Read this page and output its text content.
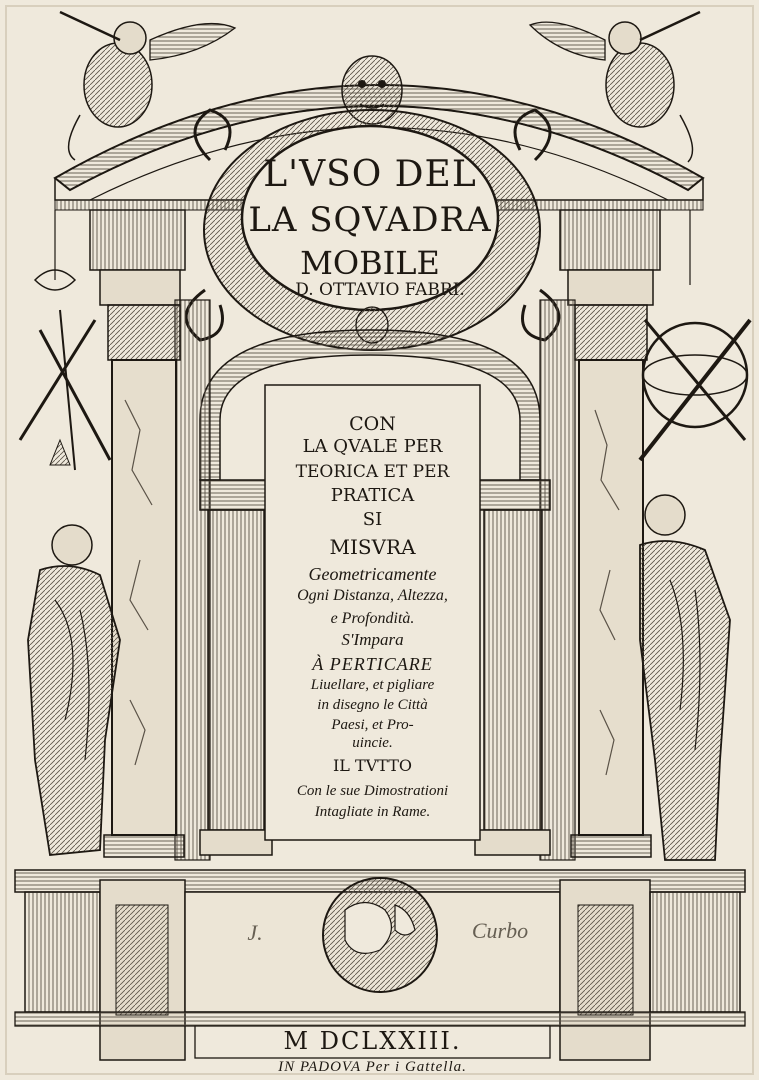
L'VSO DEL
LA SQVADRA
MOBILE
D. OTTAVIO FABRI.
CON
LA QVALE PER
TEORICA ET PER
PRATICA
SI
MISVRA
Geometricamente
Ogni Distanza, Altezza,
e Profondità.
S'Impara
À PERTICARE
Liuellare, et pigliare
in disegno le Città
Paesi, et Pro-
uincie.
IL TVTTO
Con le sue Dimostrationi
Intagliate in Rame.
J.	Curbo
M DCLXXIII.
IN PADOVA Per i Gattella.
